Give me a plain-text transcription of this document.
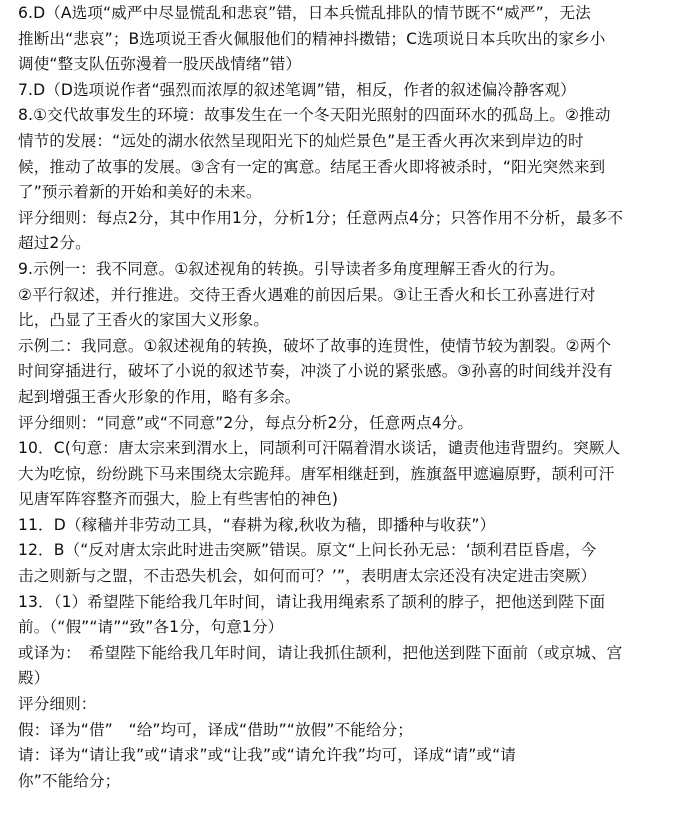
6.D（A选项“威严中尽显慌乱和悲哀”错，日本兵慌乱排队的情节既不“威严”，无法
推断出“悲哀”；B选项说王香火佩服他们的精神抖擞错；C选项说日本兵吹出的家乡小
调使“整支队伍弥漫着一股厌战情绪”错）
7.D（D选项说作者“强烈而浓厚的叙述笔调”错，相反，作者的叙述偏冷静客观）
8.①交代故事发生的环境：故事发生在一个冬天阳光照射的四面环水的孤岛上。②推动
情节的发展：“远处的湖水依然呈现阳光下的灿烂景色”是王香火再次来到岸边的时
候，推动了故事的发展。③含有一定的寓意。结尾王香火即将被杀时，“阳光突然来到
了”预示着新的开始和美好的未来。
评分细则：每点2分，其中作用1分，分析1分；任意两点4分；只答作用不分析，最多不
超过2分。
9.示例一：我不同意。①叙述视角的转换。引导读者多角度理解王香火的行为。
②平行叙述，并行推进。交待王香火遇难的前因后果。③让王香火和长工孙喜进行对
比，凸显了王香火的家国大义形象。
示例二：我同意。①叙述视角的转换，破坏了故事的连贯性，使情节较为割裂。②两个
时间穿插进行，破坏了小说的叙述节奏，冲淡了小说的紧张感。③孙喜的时间线并没有
起到增强王香火形象的作用，略有多余。
评分细则：“同意”或“不同意”2分，每点分析2分，任意两点4分。
10．C(句意：唐太宗来到渭水上，同颉利可汗隔着渭水谈话，谴责他违背盟约。突厥人
大为吃惊，纷纷跳下马来围绕太宗跪拜。唐军相继赶到，旌旗盔甲遮遍原野，颉利可汗
见唐军阵容整齐而强大，脸上有些害怕的神色)
11．D（稼穑并非劳动工具，“春耕为稼,秋收为穑，即播种与收获”）
12．B（“反对唐太宗此时进击突厥”错误。原文“上问长孙无忌：‘颉利君臣昏虐，今
击之则新与之盟，不击恐失机会，如何而可？’”，表明唐太宗还没有决定进击突厥）
13．（1）希望陛下能给我几年时间，请让我用绳索系了颉利的脖子，把他送到陛下面
前。（“假”“请”“致”各1分，句意1分）
或译为：　希望陛下能给我几年时间，请让我抓住颉利，把他送到陛下面前（或京城、宫
殿）
评分细则：
假：译为“借”　“给”均可，译成“借助”“放假”不能给分；
请：译为“请让我”或“请求”或“让我”或“请允许我”均可，译成“请”或“请
你”不能给分；
